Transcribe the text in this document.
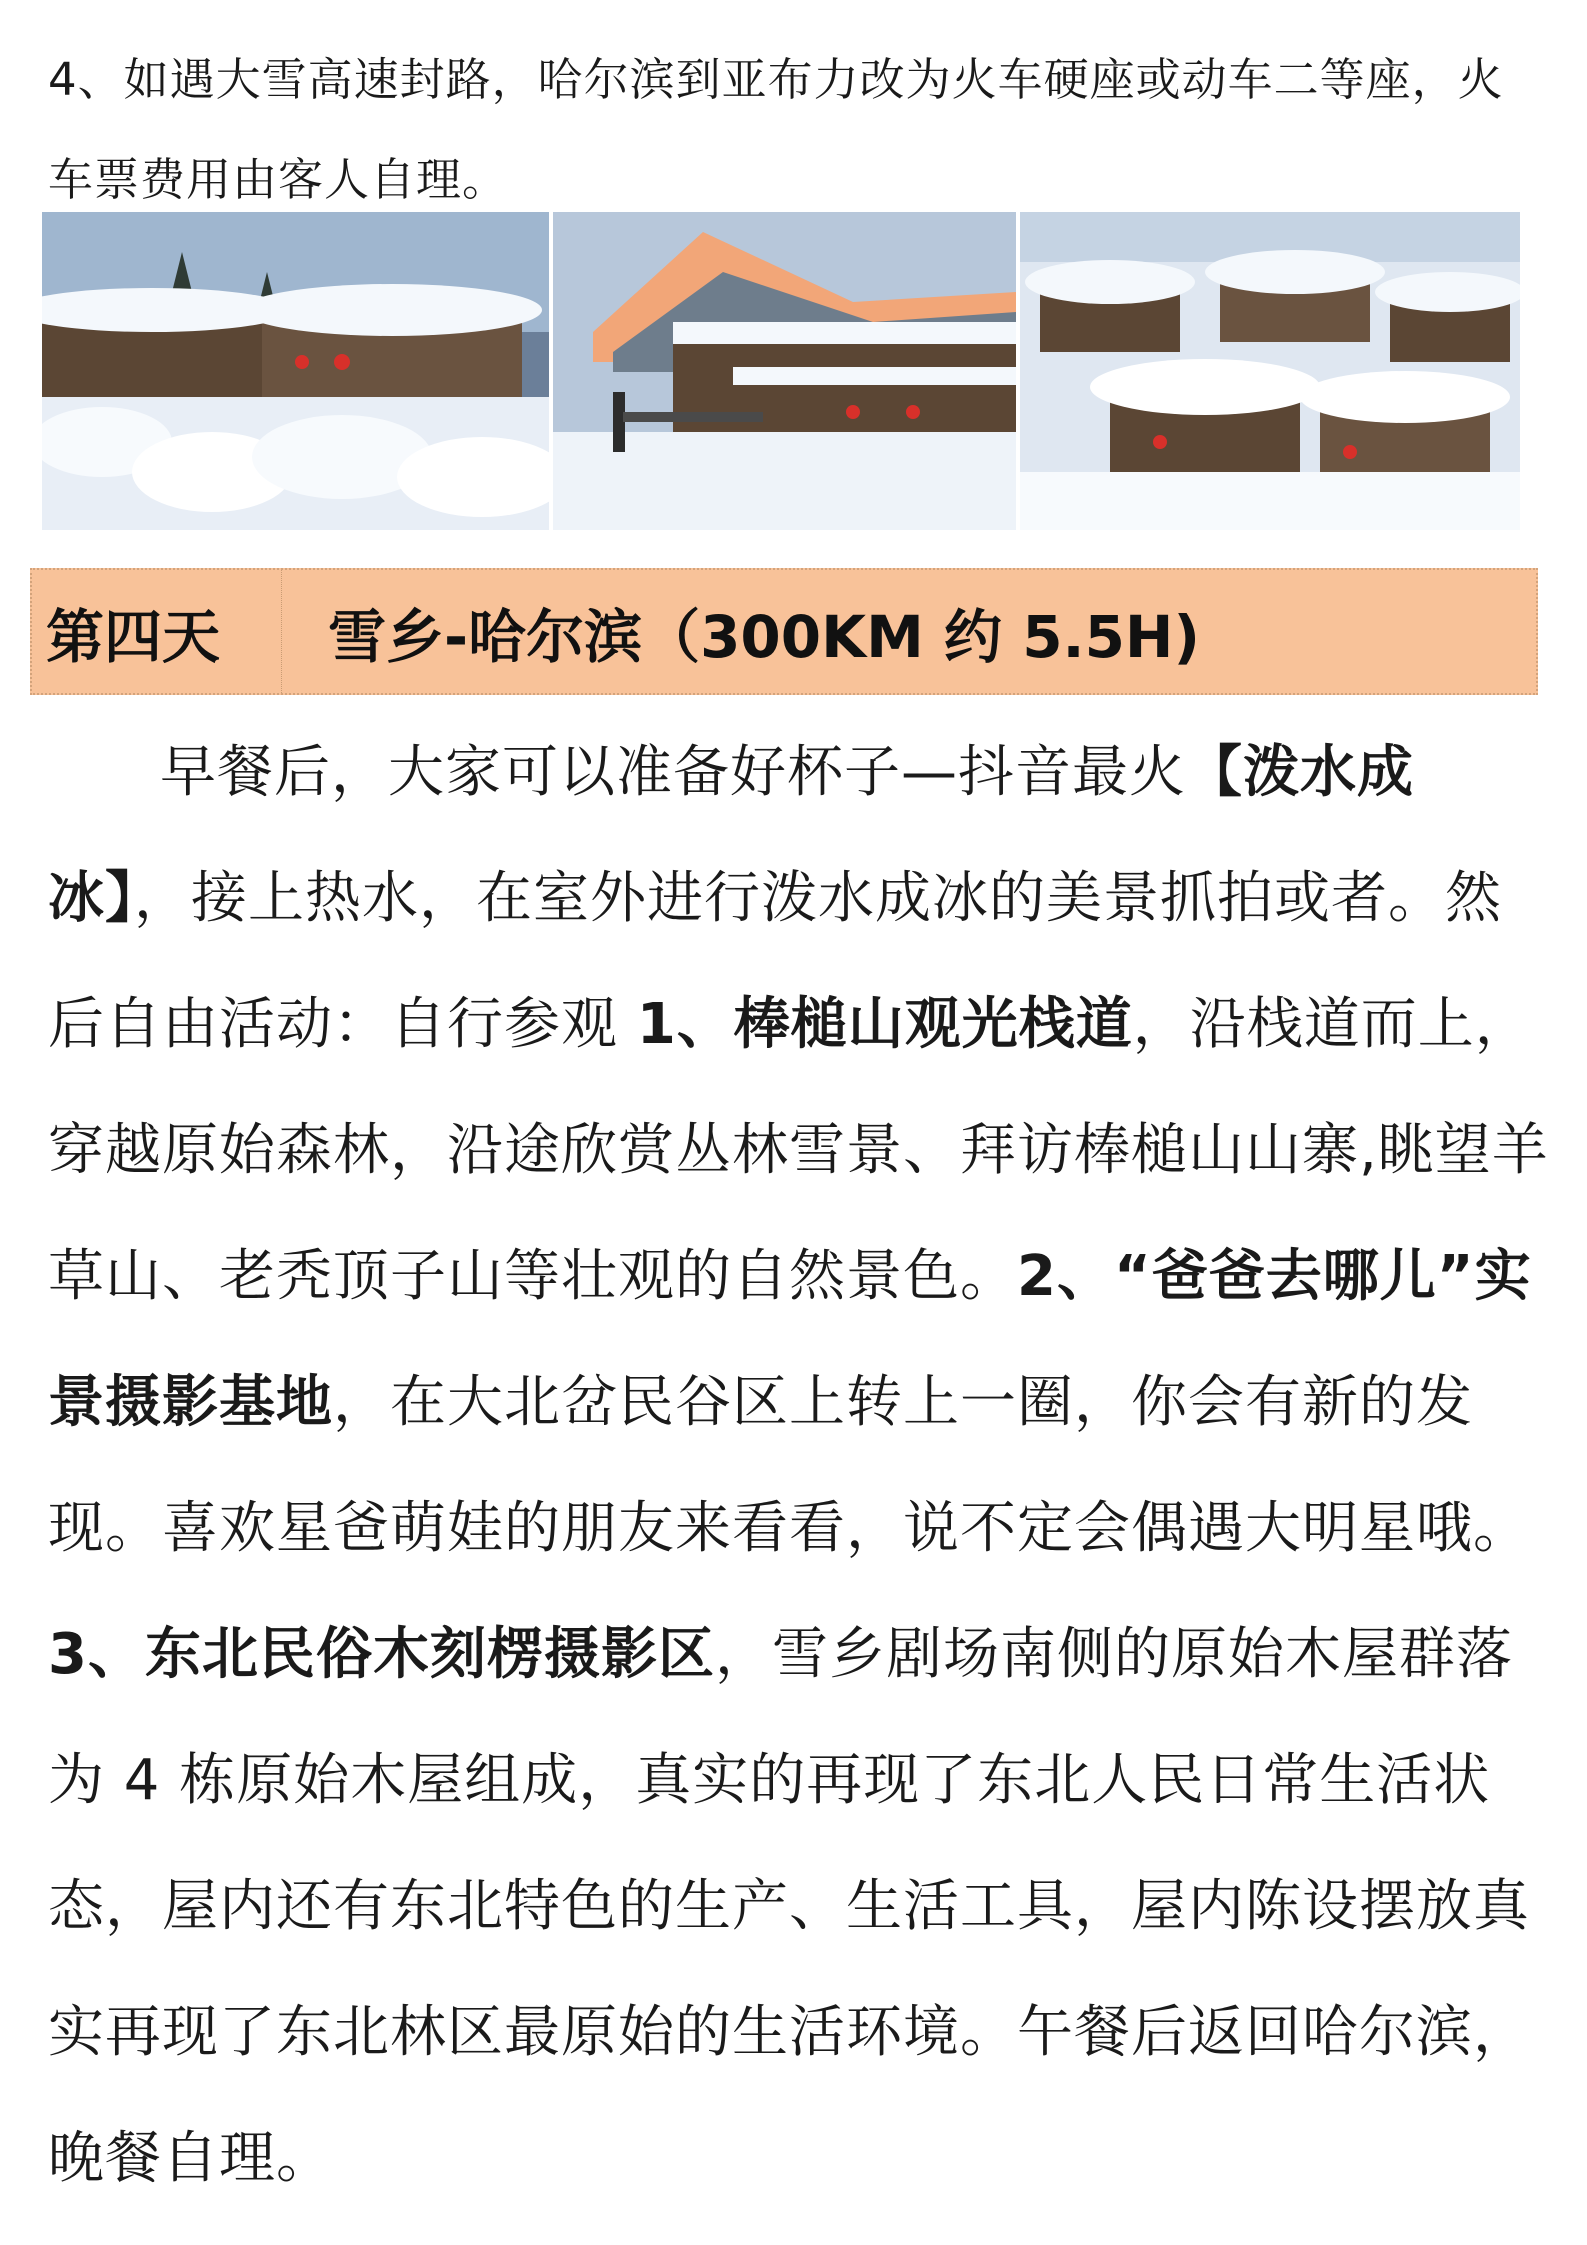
4、如遇大雪高速封路，哈尔滨到亚布力改为火车硬座或动车二等座，火车票费用由客人自理。
第四天	雪乡-哈尔滨（300KM 约 5.5H)

早餐后，大家可以准备好杯子—抖音最火【泼水成冰】，接上热水，在室外进行泼水成冰的美景抓拍或者。然后自由活动：自行参观 1、棒槌山观光栈道，沿栈道而上，穿越原始森林，沿途欣赏丛林雪景、拜访棒槌山山寨,眺望羊草山、老秃顶子山等壮观的自然景色。2、“爸爸去哪儿”实景摄影基地，在大北岔民谷区上转上一圈，你会有新的发现。喜欢星爸萌娃的朋友来看看，说不定会偶遇大明星哦。3、东北民俗木刻楞摄影区，雪乡剧场南侧的原始木屋群落为 4 栋原始木屋组成，真实的再现了东北人民日常生活状态，屋内还有东北特色的生产、生活工具，屋内陈设摆放真实再现了东北林区最原始的生活环境。午餐后返回哈尔滨，晚餐自理。
